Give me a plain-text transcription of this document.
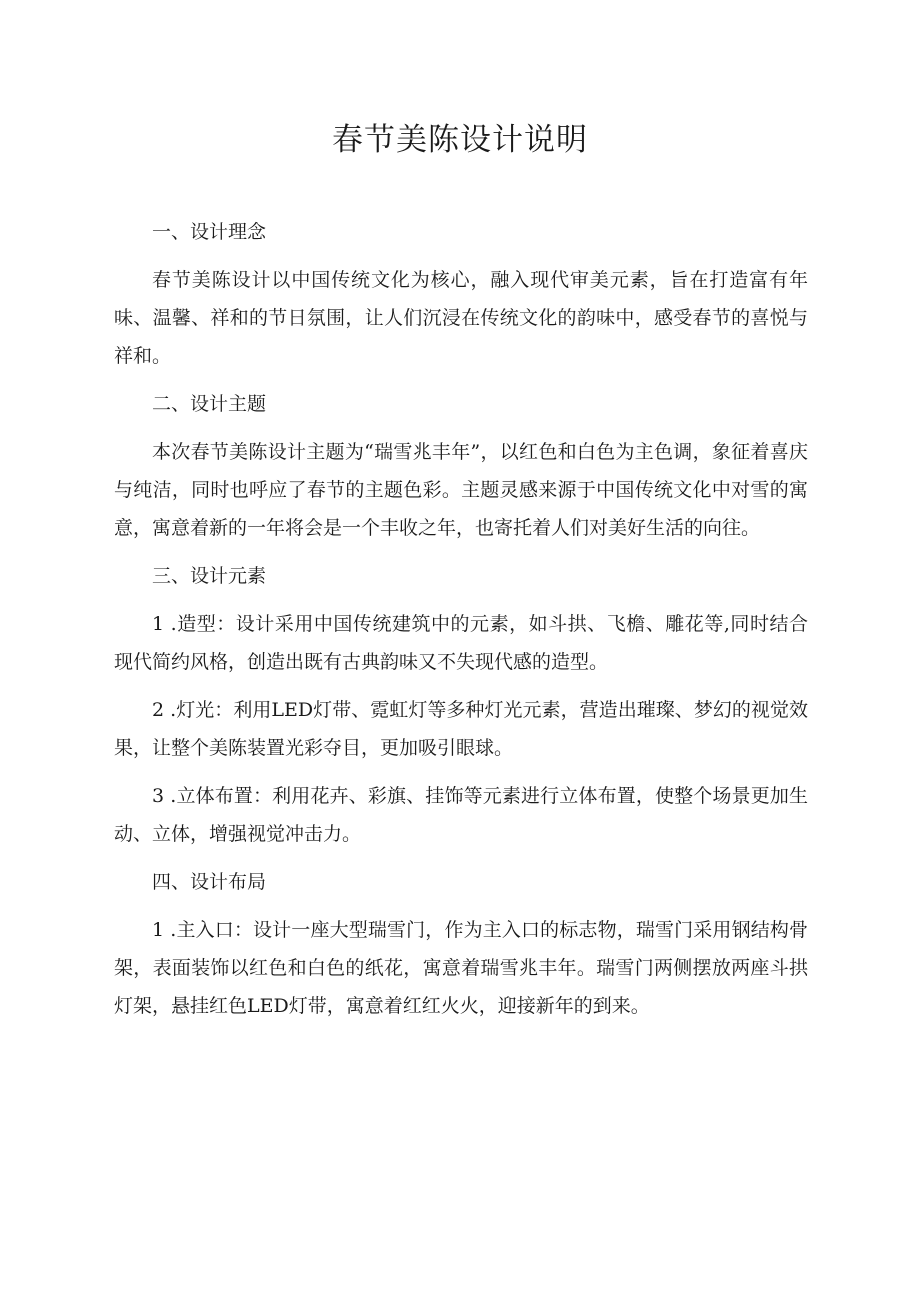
春节美陈设计说明

一、设计理念

春节美陈设计以中国传统文化为核心，融入现代审美元素，旨在打造富有年味、温馨、祥和的节日氛围，让人们沉浸在传统文化的韵味中，感受春节的喜悦与祥和。

二、设计主题

本次春节美陈设计主题为“瑞雪兆丰年”，以红色和白色为主色调，象征着喜庆与纯洁，同时也呼应了春节的主题色彩。主题灵感来源于中国传统文化中对雪的寓意，寓意着新的一年将会是一个丰收之年，也寄托着人们对美好生活的向往。

三、设计元素

1 .造型：设计采用中国传统建筑中的元素，如斗拱、飞檐、雕花等,同时结合现代简约风格，创造出既有古典韵味又不失现代感的造型。

2 .灯光：利用LED灯带、霓虹灯等多种灯光元素，营造出璀璨、梦幻的视觉效果，让整个美陈装置光彩夺目，更加吸引眼球。

3 .立体布置：利用花卉、彩旗、挂饰等元素进行立体布置，使整个场景更加生动、立体，增强视觉冲击力。

四、设计布局

1 .主入口：设计一座大型瑞雪门，作为主入口的标志物，瑞雪门采用钢结构骨架，表面装饰以红色和白色的纸花，寓意着瑞雪兆丰年。瑞雪门两侧摆放两座斗拱灯架，悬挂红色LED灯带，寓意着红红火火，迎接新年的到来。
